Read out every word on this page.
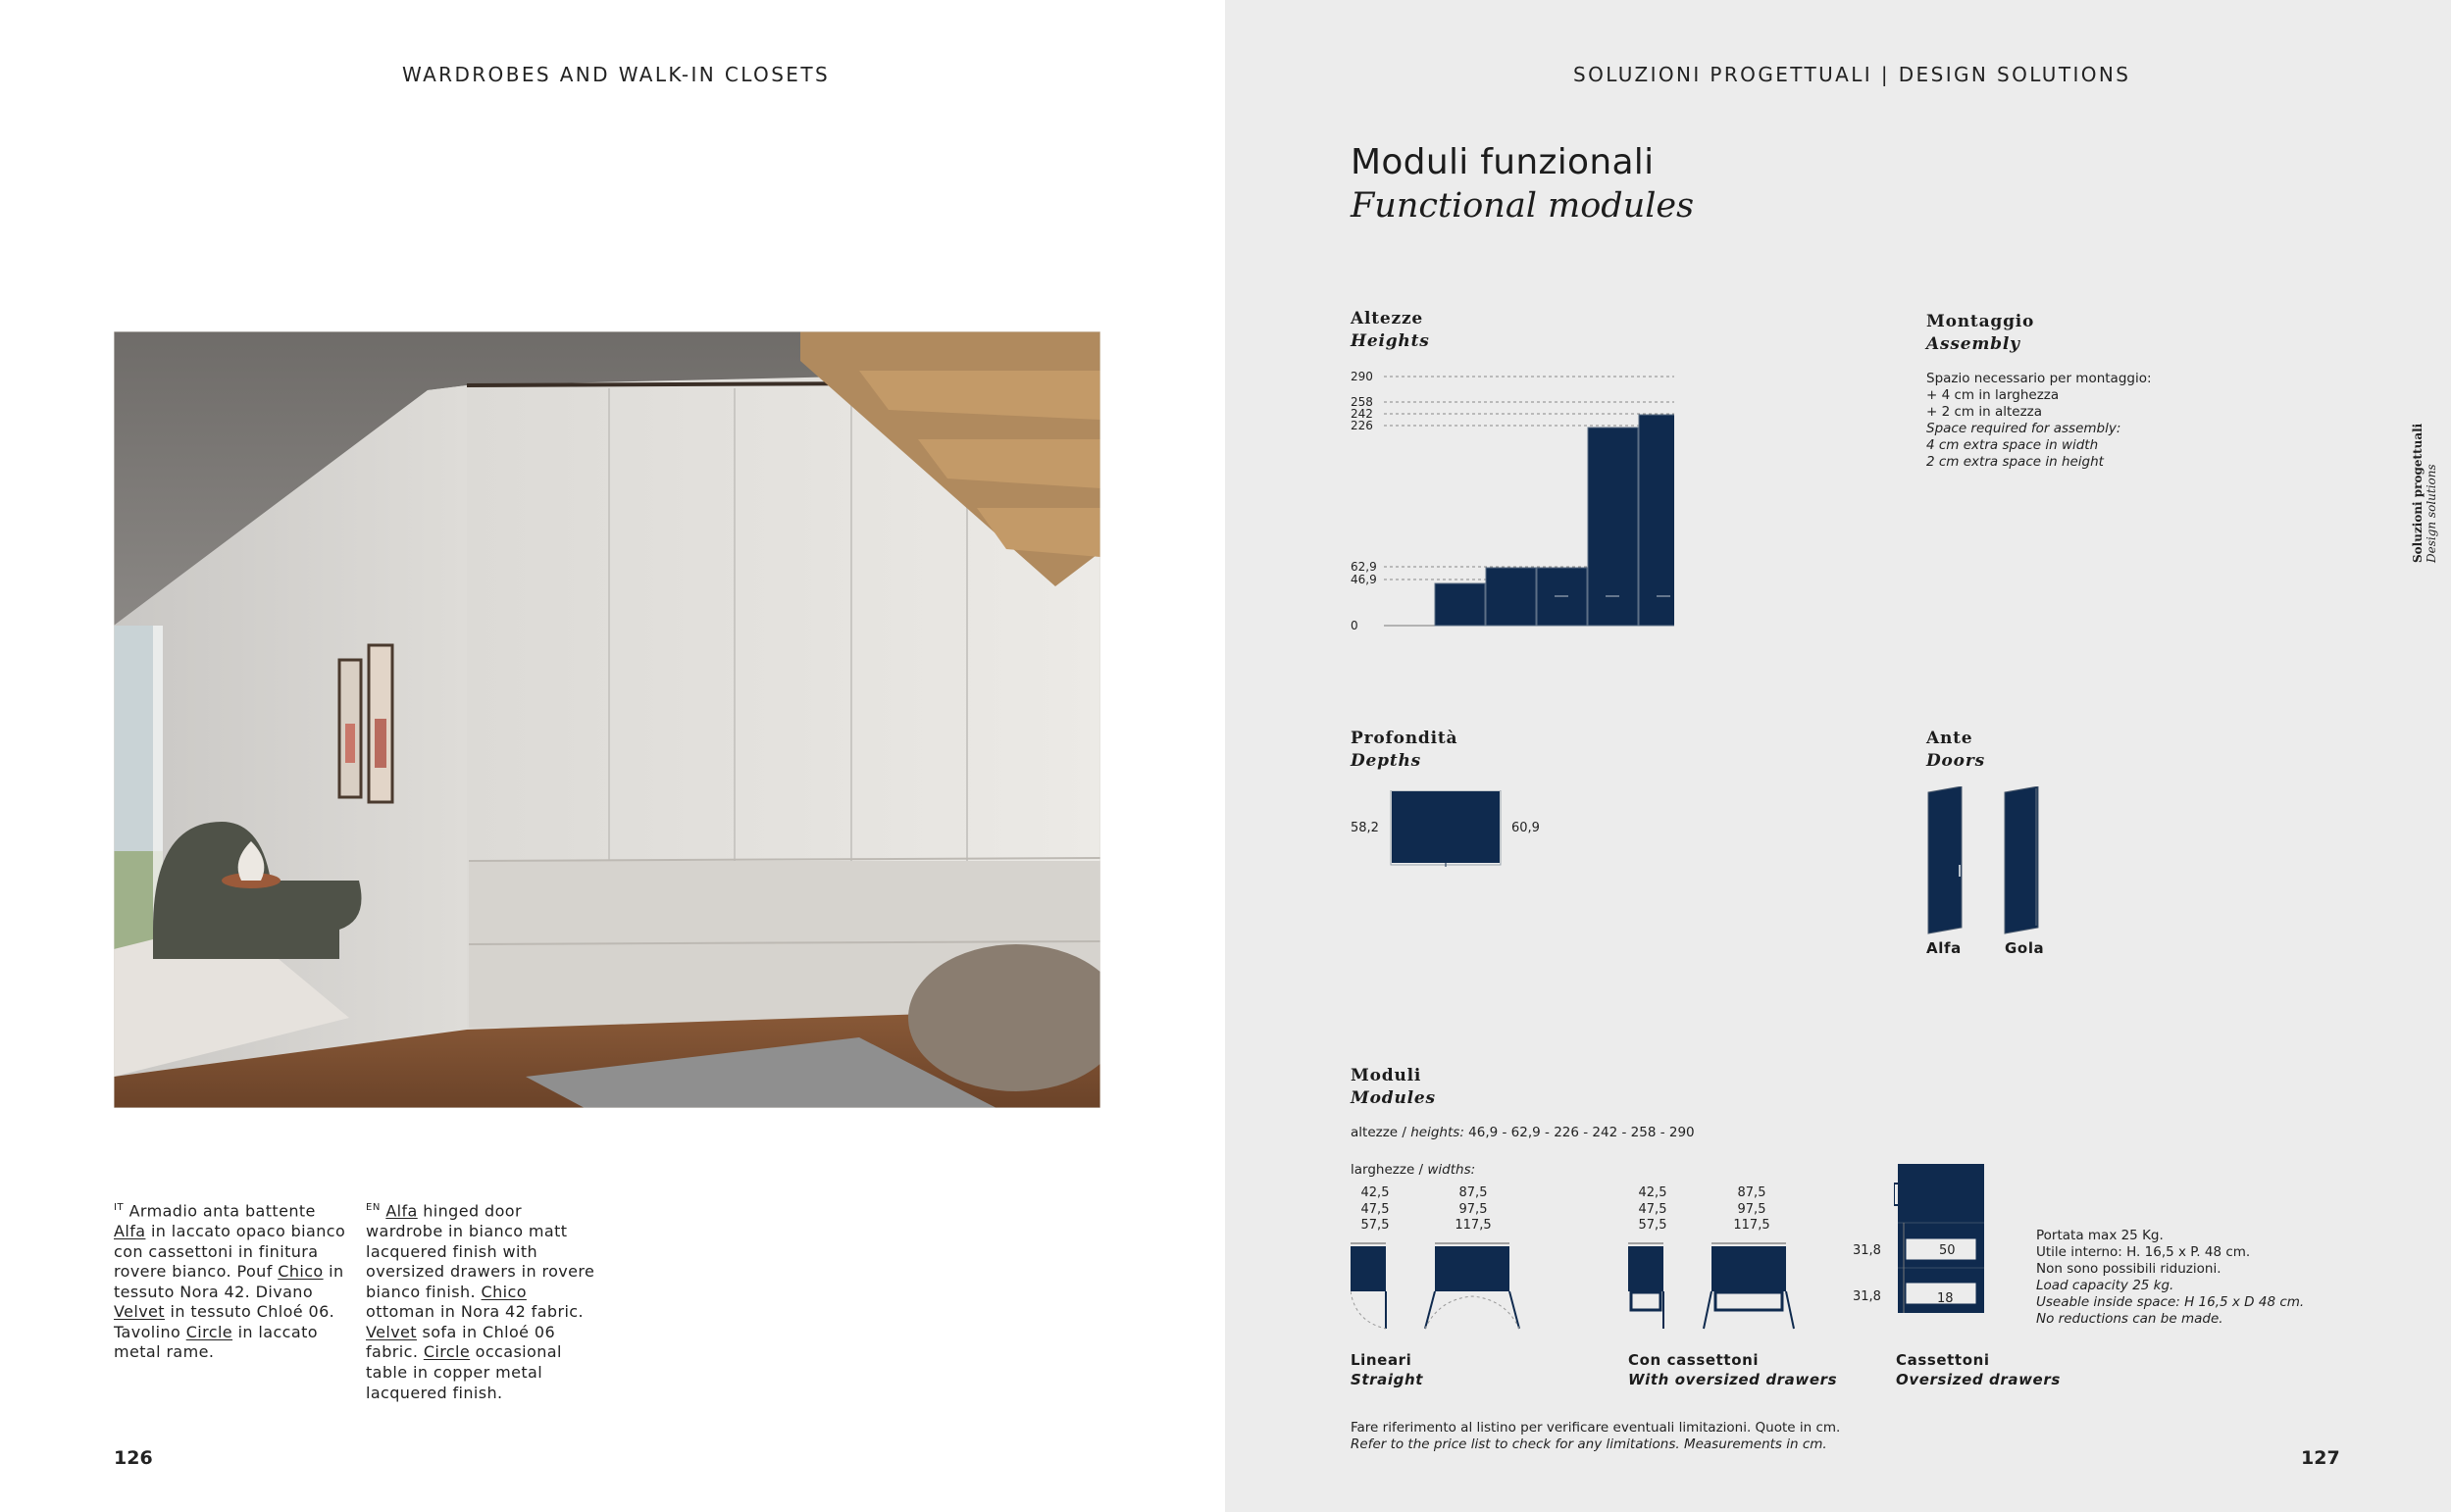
WARDROBES AND WALK-IN CLOSETS
$^{IT}$ Armadio anta battente Alfa in laccato opaco bianco con cassettoni in finitura rovere bianco. Pouf Chico in tessuto Nora 42. Divano Velvet in tessuto Chloé 06. Tavolino Circle in laccato metal rame.
$^{EN}$ Alfa hinged door wardrobe in bianco matt lacquered finish with oversized drawers in rovere bianco finish. Chico ottoman in Nora 42 fabric. Velvet sofa in Chloé 06 fabric. Circle occasional table in copper metal lacquered finish.
126
SOLUZIONI PROGETTUALI | DESIGN SOLUTIONS
Moduli funzionali
Functional modules
Soluzioni progettuali Design solutions
Altezze
Heights
290
258
242
226
62,9
46,9
0
Montaggio
Assembly
Spazio necessario per montaggio:
+ 4 cm in larghezza
+ 2 cm in altezza
Space required for assembly:
4 cm extra space in width
2 cm extra space in height
Profondità
Depths
58,2	60,9
Ante
Doors
Alfa	Gola
Moduli
Modules
altezze / heights: 46,9 - 62,9 - 226 - 242 - 258 - 290
larghezze / widths:
42,5
47,5
57,5
87,5
97,5
117,5
42,5
47,5
57,5
87,5
97,5
117,5
31,8
31,8
50
18
Portata max 25 Kg.
Utile interno: H. 16,5 x P. 48 cm.
Non sono possibili riduzioni.
Load capacity 25 kg.
Useable inside space: H 16,5 x D 48 cm.
No reductions can be made.
Lineari
Straight
Con cassettoni
With oversized drawers
Cassettoni
Oversized drawers
Fare riferimento al listino per verificare eventuali limitazioni. Quote in cm.
Refer to the price list to check for any limitations. Measurements in cm.
127
